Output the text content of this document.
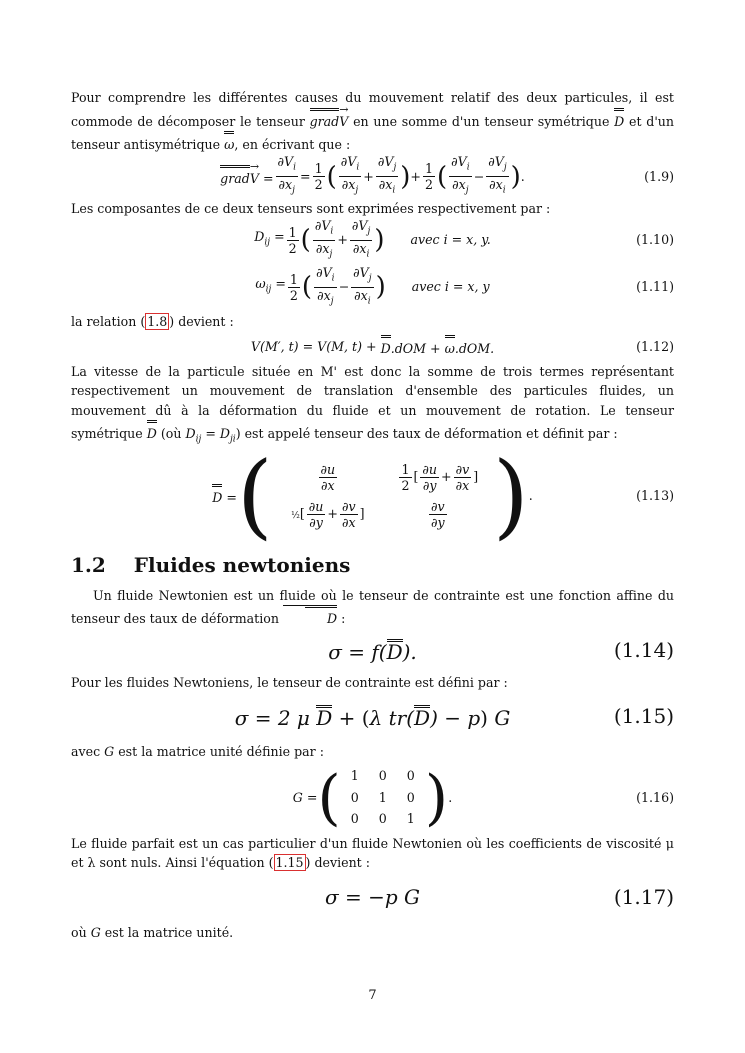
Pour comprendre les différentes causes du mouvement relatif des deux particules, il est commode de décomposer le tenseur gradV → en une somme d'un tenseur symétrique D et d'un tenseur antisymétrique ω, en écrivant que :

gradV → = $\frac{\partial V_i}{\partial x_j} = \frac{1}{2}$ ( $\frac{\partial V_i}{\partial x_j} + \frac{\partial V_j}{\partial x_i}$ ) + $\frac{1}{2}$ ( $\frac{\partial V_i}{\partial x_j} - \frac{\partial V_j}{\partial x_i}$ ) .	(1.9)

Les composantes de ce deux tenseurs sont exprimées respectivement par :

$D_{ij} = \frac{1}{2}$ ( $\frac{\partial V_i}{\partial x_j} + \frac{\partial V_j}{\partial x_i}$ ) avec i = x, y.	(1.10)
$\omega_{ij} = \frac{1}{2}$ ( $\frac{\partial V_i}{\partial x_j} - \frac{\partial V_j}{\partial x_i}$ ) avec i = x, y	(1.11)

la relation ( 1.8 ) devient :

V(M′, t) = V(M, t) + D.dOM + ω.dOM.	(1.12)

La vitesse de la particule située en M' est donc la somme de trois termes représentant respectivement un mouvement de translation d'ensemble des particules fluides, un mouvement dû à la déformation du fluide et un mouvement de rotation. Le tenseur symétrique D (où $D_{ij} = D_{ji}$) est appelé tenseur des taux de déformation et définit par :

D = (	$\frac{\partial u}{\partial x}$	$\frac{1}{2}$ [ $\frac{\partial u}{\partial y} + \frac{\partial v}{\partial x}$ ]
½[ $\frac{\partial u}{\partial y} + \frac{\partial v}{\partial x}$ ]	$\frac{\partial v}{\partial y}$ ) .	(1.13)
1.2 Fluides newtoniens

Un fluide Newtonien est un fluide où le tenseur de contrainte est une fonction affine du tenseur des taux de déformation	D :

σ = f(D).	(1.14)

Pour les fluides Newtoniens, le tenseur de contrainte est défini par :

σ = 2 μ D + (λ tr(D) − p) G	(1.15)

avec G est la matrice unité définie par :

G = ( 1 0 0
0 1 0
0 0 1 ) .	(1.16)

Le fluide parfait est un cas particulier d'un fluide Newtonien où les coefficients de viscosité μ et λ sont nuls. Ainsi l'équation ( 1.15 ) devient :

σ = −p G	(1.17)

où G est la matrice unité.

7
